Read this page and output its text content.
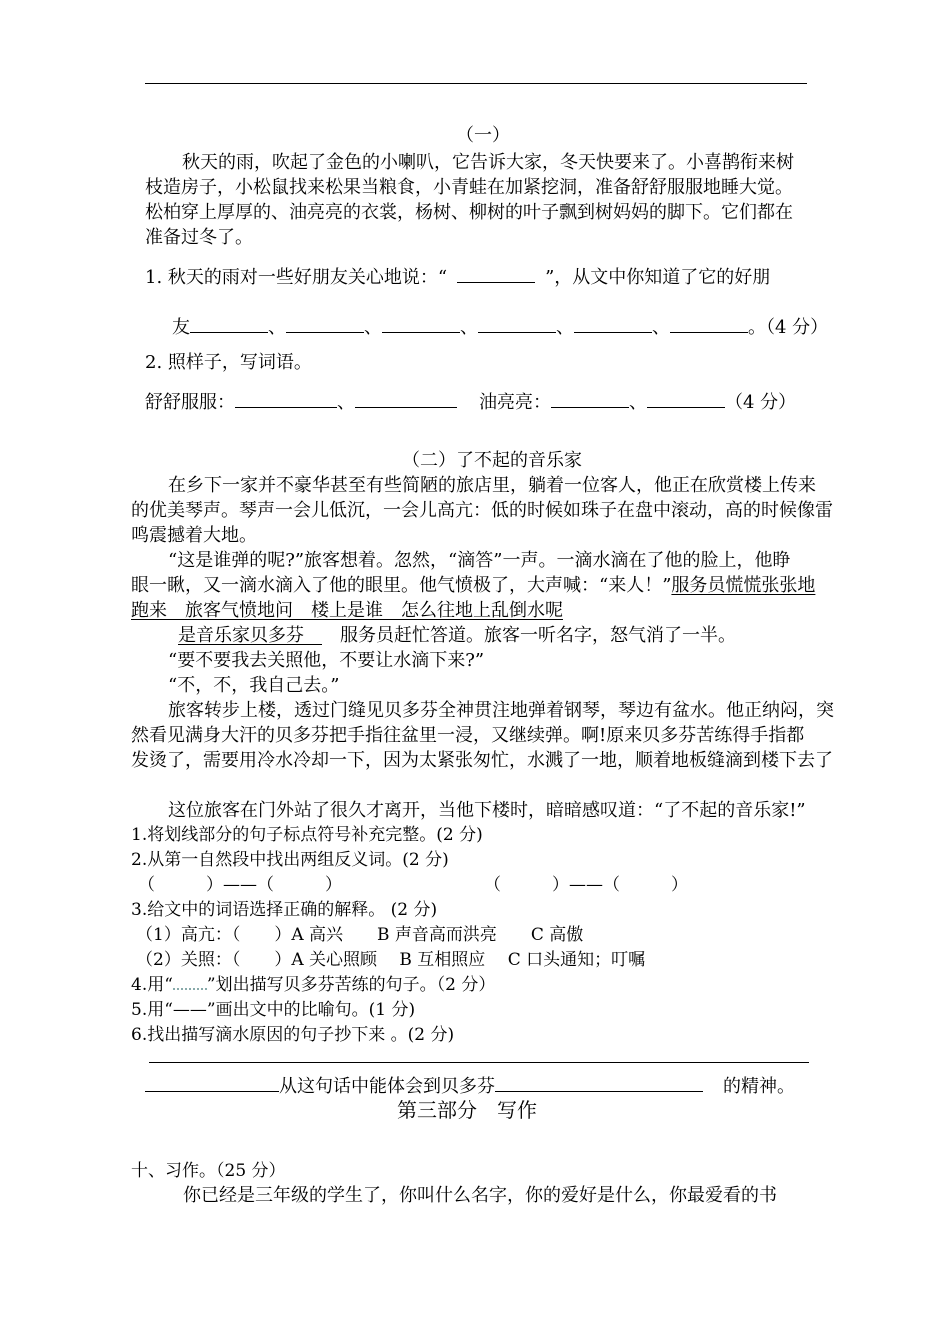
（一）
秋天的雨，吹起了金色的小喇叭，它告诉大家，冬天快要来了。小喜鹊衔来树
枝造房子，小松鼠找来松果当粮食，小青蛙在加紧挖洞，准备舒舒服服地睡大觉。
松柏穿上厚厚的、油亮亮的衣裳，杨树、柳树的叶子飘到树妈妈的脚下。它们都在
准备过冬了。
1. 秋天的雨对一些好朋友关心地说：“	”，从文中你知道了它的好朋
友	、	、	、	、	、	。（4 分）
2. 照样子，写词语。
舒舒服服：	、	油亮亮：	、	（4 分）
（二）了不起的音乐家
在乡下一家并不豪华甚至有些简陋的旅店里，躺着一位客人，他正在欣赏楼上传来
的优美琴声。琴声一会儿低沉，一会儿高亢：低的时候如珠子在盘中滚动，高的时候像雷
鸣震撼着大地。
“这是谁弹的呢?”旅客想着。忽然，“滴答”一声。一滴水滴在了他的脸上，他睁
眼一瞅，又一滴水滴入了他的眼里。他气愤极了，大声喊：“来人！”服务员慌慌张张地
跑来　旅客气愤地问　楼上是谁　怎么往地上乱倒水呢
是音乐家贝多芬　　服务员赶忙答道。旅客一听名字，怒气消了一半。
“要不要我去关照他，不要让水滴下来?”
“不，不，我自己去。”
旅客转步上楼，透过门缝见贝多芬全神贯注地弹着钢琴，琴边有盆水。他正纳闷，突
然看见满身大汗的贝多芬把手指往盆里一浸，又继续弹。啊!原来贝多芬苦练得手指都
发烫了，需要用冷水冷却一下，因为太紧张匆忙，水溅了一地，顺着地板缝滴到楼下去了
这位旅客在门外站了很久才离开，当他下楼时，暗暗感叹道：“了不起的音乐家!”
1.将划线部分的句子标点符号补充完整。(2 分)
2.从第一自然段中找出两组反义词。(2 分)
（　　　）——（　　　）	（　　　）——（　　　）
3.给文中的词语选择正确的解释。 (2 分)
（1）高亢：（　　）A 高兴　　B 声音高而洪亮　　C 高傲
（2）关照：（　　）A 关心照顾　 B 互相照应　 C 口头通知；叮嘱
4.用“ ”划出描写贝多芬苦练的句子。（2 分）
5.用“——”画出文中的比喻句。(1 分)
6.找出描写滴水原因的句子抄下来 。(2 分)
从这句话中能体会到贝多芬	的精神。
第三部分　写作
十、习作。（25 分）
你已经是三年级的学生了，你叫什么名字，你的爱好是什么，你最爱看的书
